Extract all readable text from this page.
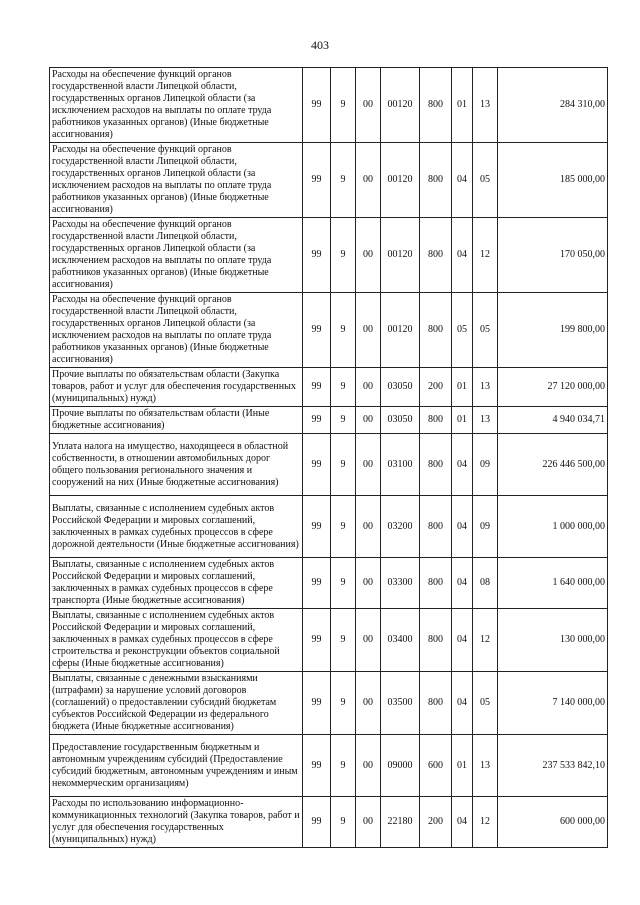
403
Расходы на обеспечение функций органов государственной власти Липецкой области, государственных органов Липецкой области (за исключением расходов на выплаты по оплате труда работников указанных органов) (Иные бюджетные ассигнования)	99	9	00	00120	800	01	13	284 310,00
Расходы на обеспечение функций органов государственной власти Липецкой области, государственных органов Липецкой области (за исключением расходов на выплаты по оплате труда работников указанных органов) (Иные бюджетные ассигнования)	99	9	00	00120	800	04	05	185 000,00
Расходы на обеспечение функций органов государственной власти Липецкой области, государственных органов Липецкой области (за исключением расходов на выплаты по оплате труда работников указанных органов) (Иные бюджетные ассигнования)	99	9	00	00120	800	04	12	170 050,00
Расходы на обеспечение функций органов государственной власти Липецкой области, государственных органов Липецкой области (за исключением расходов на выплаты по оплате труда работников указанных органов) (Иные бюджетные ассигнования)	99	9	00	00120	800	05	05	199 800,00
Прочие выплаты по обязательствам области (Закупка товаров, работ и услуг для обеспечения государственных (муниципальных) нужд)	99	9	00	03050	200	01	13	27 120 000,00
Прочие выплаты по обязательствам области (Иные бюджетные ассигнования)	99	9	00	03050	800	01	13	4 940 034,71
Уплата налога на имущество, находящееся в областной собственности, в отношении автомобильных дорог общего пользования регионального значения и сооружений на них (Иные бюджетные ассигнования)	99	9	00	03100	800	04	09	226 446 500,00
Выплаты, связанные с исполнением судебных актов Российской Федерации и мировых соглашений, заключенных в рамках судебных процессов в сфере дорожной деятельности (Иные бюджетные ассигнования)	99	9	00	03200	800	04	09	1 000 000,00
Выплаты, связанные с исполнением судебных актов Российской Федерации и мировых соглашений, заключенных в рамках судебных процессов в сфере транспорта (Иные бюджетные ассигнования)	99	9	00	03300	800	04	08	1 640 000,00
Выплаты, связанные с исполнением судебных актов Российской Федерации и мировых соглашений, заключенных в рамках судебных процессов в сфере строительства и реконструкции объектов социальной сферы (Иные бюджетные ассигнования)	99	9	00	03400	800	04	12	130 000,00
Выплаты, связанные с денежными взысканиями (штрафами) за нарушение условий договоров (соглашений) о предоставлении субсидий бюджетам субъектов Российской Федерации из федерального бюджета (Иные бюджетные ассигнования)	99	9	00	03500	800	04	05	7 140 000,00
Предоставление государственным бюджетным и автономным учреждениям субсидий (Предоставление субсидий бюджетным, автономным учреждениям и иным некоммерческим организациям)	99	9	00	09000	600	01	13	237 533 842,10
Расходы по использованию информационно-коммуникационных технологий (Закупка товаров, работ и услуг для обеспечения государственных (муниципальных) нужд)	99	9	00	22180	200	04	12	600 000,00
